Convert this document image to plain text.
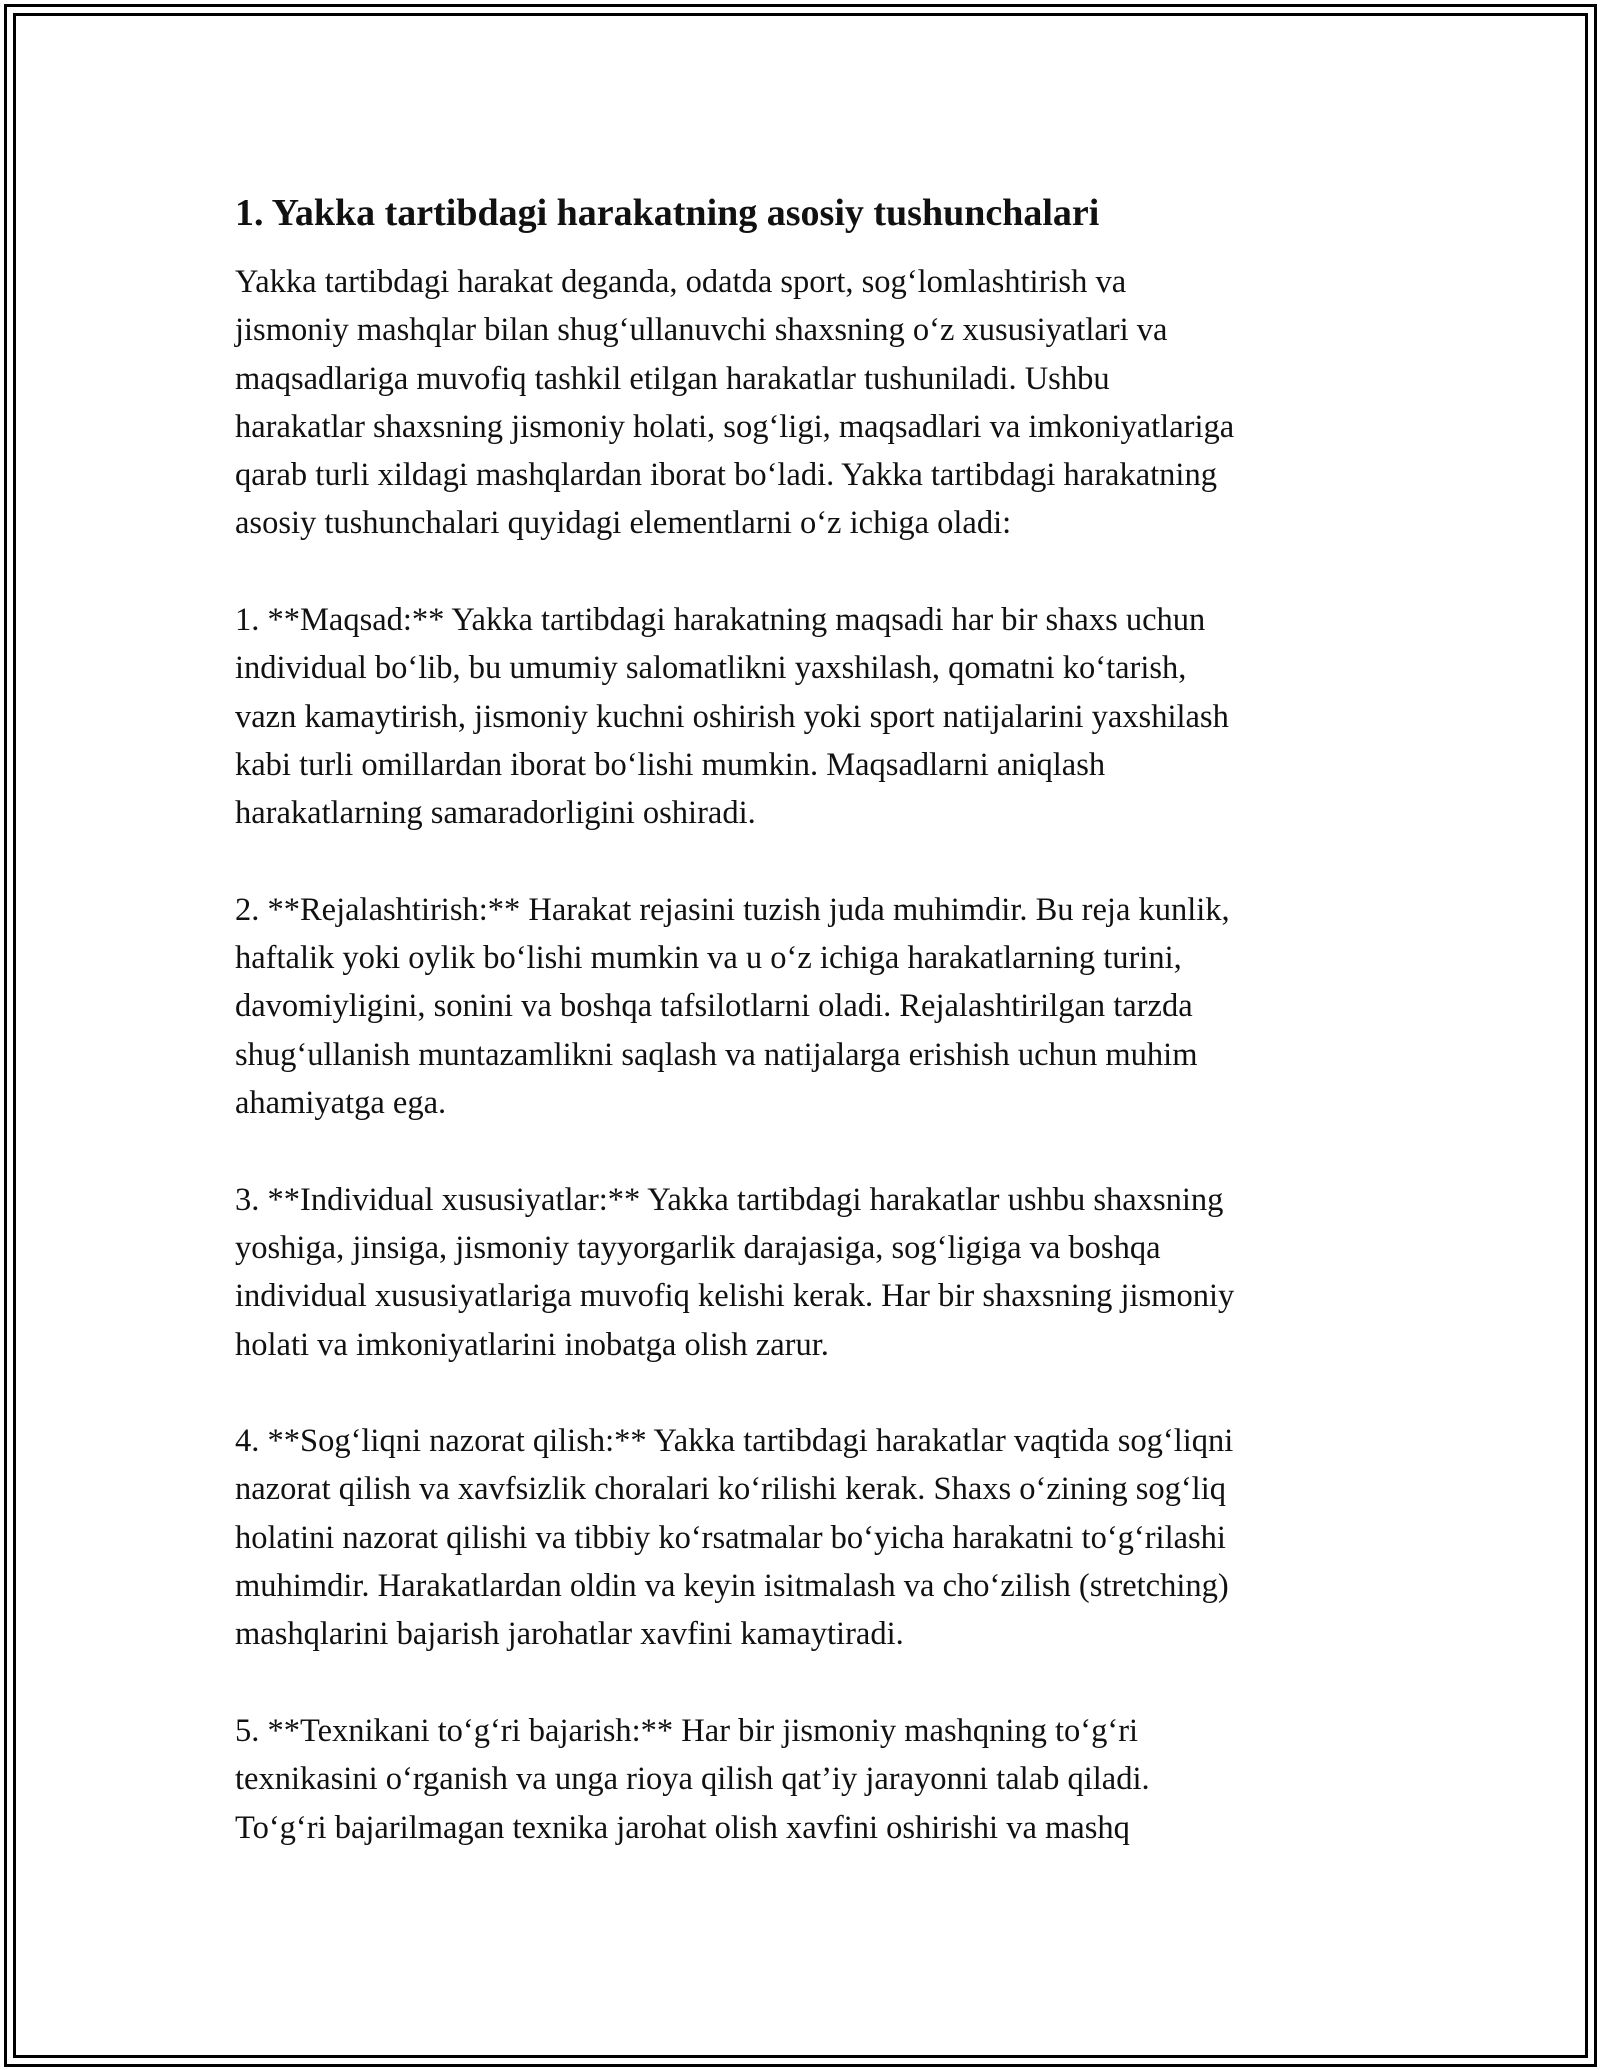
1. Yakka tartibdagi harakatning asosiy tushunchalari

Yakka tartibdagi harakat deganda, odatda sport, sog‘lomlashtirish va
jismoniy mashqlar bilan shug‘ullanuvchi shaxsning o‘z xususiyatlari va
maqsadlariga muvofiq tashkil etilgan harakatlar tushuniladi. Ushbu
harakatlar shaxsning jismoniy holati, sog‘ligi, maqsadlari va imkoniyatlariga
qarab turli xildagi mashqlardan iborat bo‘ladi. Yakka tartibdagi harakatning
asosiy tushunchalari quyidagi elementlarni o‘z ichiga oladi:

1. **Maqsad:** Yakka tartibdagi harakatning maqsadi har bir shaxs uchun
individual bo‘lib, bu umumiy salomatlikni yaxshilash, qomatni ko‘tarish,
vazn kamaytirish, jismoniy kuchni oshirish yoki sport natijalarini yaxshilash
kabi turli omillardan iborat bo‘lishi mumkin. Maqsadlarni aniqlash
harakatlarning samaradorligini oshiradi.

2. **Rejalashtirish:** Harakat rejasini tuzish juda muhimdir. Bu reja kunlik,
haftalik yoki oylik bo‘lishi mumkin va u o‘z ichiga harakatlarning turini,
davomiyligini, sonini va boshqa tafsilotlarni oladi. Rejalashtirilgan tarzda
shug‘ullanish muntazamlikni saqlash va natijalarga erishish uchun muhim
ahamiyatga ega.

3. **Individual xususiyatlar:** Yakka tartibdagi harakatlar ushbu shaxsning
yoshiga, jinsiga, jismoniy tayyorgarlik darajasiga, sog‘ligiga va boshqa
individual xususiyatlariga muvofiq kelishi kerak. Har bir shaxsning jismoniy
holati va imkoniyatlarini inobatga olish zarur.

4. **Sog‘liqni nazorat qilish:** Yakka tartibdagi harakatlar vaqtida sog‘liqni
nazorat qilish va xavfsizlik choralari ko‘rilishi kerak. Shaxs o‘zining sog‘liq
holatini nazorat qilishi va tibbiy ko‘rsatmalar bo‘yicha harakatni to‘g‘rilashi
muhimdir. Harakatlardan oldin va keyin isitmalash va cho‘zilish (stretching)
mashqlarini bajarish jarohatlar xavfini kamaytiradi.

5. **Texnikani to‘g‘ri bajarish:** Har bir jismoniy mashqning to‘g‘ri
texnikasini o‘rganish va unga rioya qilish qat’iy jarayonni talab qiladi.
To‘g‘ri bajarilmagan texnika jarohat olish xavfini oshirishi va mashq
